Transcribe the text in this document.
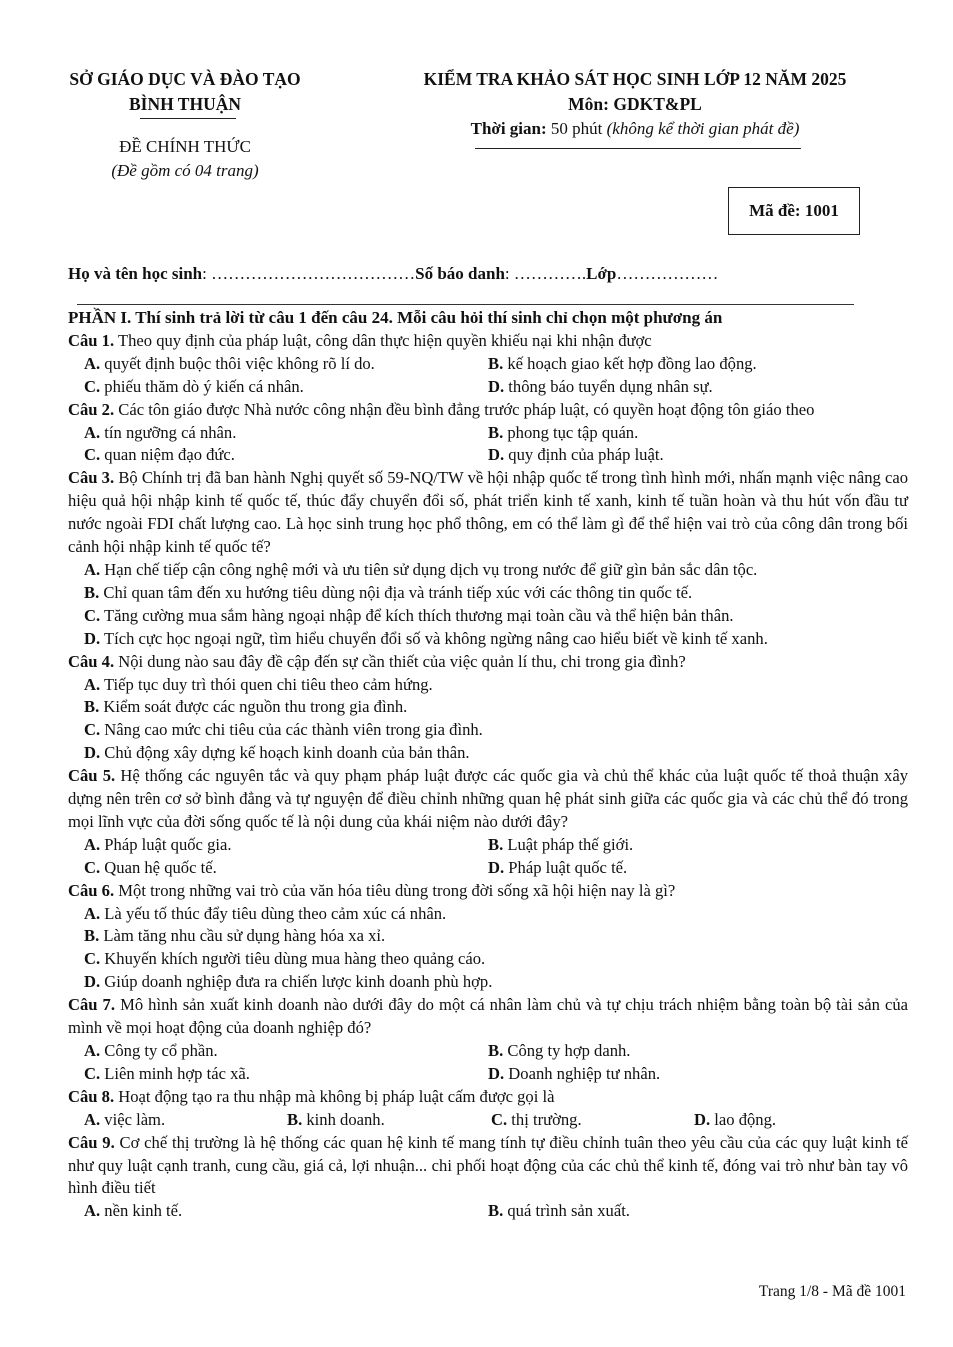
SỞ GIÁO DỤC VÀ ĐÀO TẠO
BÌNH THUẬN
ĐỀ CHÍNH THỨC
(Đề gồm có 04 trang)
KIỂM TRA KHẢO SÁT HỌC SINH LỚP 12 NĂM 2025
Môn: GDKT&PL
Thời gian: 50 phút (không kể thời gian phát đề)
Mã đề: 1001
Họ và tên học sinh: ………………………………Số báo danh: ………….Lớp………………
PHẦN I. Thí sinh trả lời từ câu 1 đến câu 24. Mỗi câu hỏi thí sinh chỉ chọn một phương án
Câu 1. Theo quy định của pháp luật, công dân thực hiện quyền khiếu nại khi nhận được
A. quyết định buộc thôi việc không rõ lí do.	B. kế hoạch giao kết hợp đồng lao động.
C. phiếu thăm dò ý kiến cá nhân.	D. thông báo tuyển dụng nhân sự.
Câu 2. Các tôn giáo được Nhà nước công nhận đều bình đẳng trước pháp luật, có quyền hoạt động tôn giáo theo
A. tín ngưỡng cá nhân.	B. phong tục tập quán.
C. quan niệm đạo đức.	D. quy định của pháp luật.
Câu 3. Bộ Chính trị đã ban hành Nghị quyết số 59-NQ/TW về hội nhập quốc tế trong tình hình mới, nhấn mạnh việc nâng cao hiệu quả hội nhập kinh tế quốc tế, thúc đẩy chuyển đổi số, phát triển kinh tế xanh, kinh tế tuần hoàn và thu hút vốn đầu tư nước ngoài FDI chất lượng cao. Là học sinh trung học phổ thông, em có thể làm gì để thể hiện vai trò của công dân trong bối cảnh hội nhập kinh tế quốc tế?
A. Hạn chế tiếp cận công nghệ mới và ưu tiên sử dụng dịch vụ trong nước để giữ gìn bản sắc dân tộc.
B. Chỉ quan tâm đến xu hướng tiêu dùng nội địa và tránh tiếp xúc với các thông tin quốc tế.
C. Tăng cường mua sắm hàng ngoại nhập để kích thích thương mại toàn cầu và thể hiện bản thân.
D. Tích cực học ngoại ngữ, tìm hiểu chuyển đổi số và không ngừng nâng cao hiểu biết về kinh tế xanh.
Câu 4. Nội dung nào sau đây đề cập đến sự cần thiết của việc quản lí thu, chi trong gia đình?
A. Tiếp tục duy trì thói quen chi tiêu theo cảm hứng.
B. Kiểm soát được các nguồn thu trong gia đình.
C. Nâng cao mức chi tiêu của các thành viên trong gia đình.
D. Chủ động xây dựng kế hoạch kinh doanh của bản thân.
Câu 5. Hệ thống các nguyên tắc và quy phạm pháp luật được các quốc gia và chủ thể khác của luật quốc tế thoả thuận xây dựng nên trên cơ sở bình đẳng và tự nguyện để điều chỉnh những quan hệ phát sinh giữa các quốc gia và các chủ thể đó trong mọi lĩnh vực của đời sống quốc tế là nội dung của khái niệm nào dưới đây?
A. Pháp luật quốc gia.	B. Luật pháp thế giới.
C. Quan hệ quốc tế.	D. Pháp luật quốc tế.
Câu 6. Một trong những vai trò của văn hóa tiêu dùng trong đời sống xã hội hiện nay là gì?
A. Là yếu tố thúc đẩy tiêu dùng theo cảm xúc cá nhân.
B. Làm tăng nhu cầu sử dụng hàng hóa xa xỉ.
C. Khuyến khích người tiêu dùng mua hàng theo quảng cáo.
D. Giúp doanh nghiệp đưa ra chiến lược kinh doanh phù hợp.
Câu 7. Mô hình sản xuất kinh doanh nào dưới đây do một cá nhân làm chủ và tự chịu trách nhiệm bằng toàn bộ tài sản của mình về mọi hoạt động của doanh nghiệp đó?
A. Công ty cổ phần.	B. Công ty hợp danh.
C. Liên minh hợp tác xã.	D. Doanh nghiệp tư nhân.
Câu 8. Hoạt động tạo ra thu nhập mà không bị pháp luật cấm được gọi là
A. việc làm.	B. kinh doanh.	C. thị trường.	D. lao động.
Câu 9. Cơ chế thị trường là hệ thống các quan hệ kinh tế mang tính tự điều chỉnh tuân theo yêu cầu của các quy luật kinh tế như quy luật cạnh tranh, cung cầu, giá cả, lợi nhuận... chi phối hoạt động của các chủ thể kinh tế, đóng vai trò như bàn tay vô hình điều tiết
A. nền kinh tế.	B. quá trình sản xuất.
Trang 1/8 - Mã đề 1001
